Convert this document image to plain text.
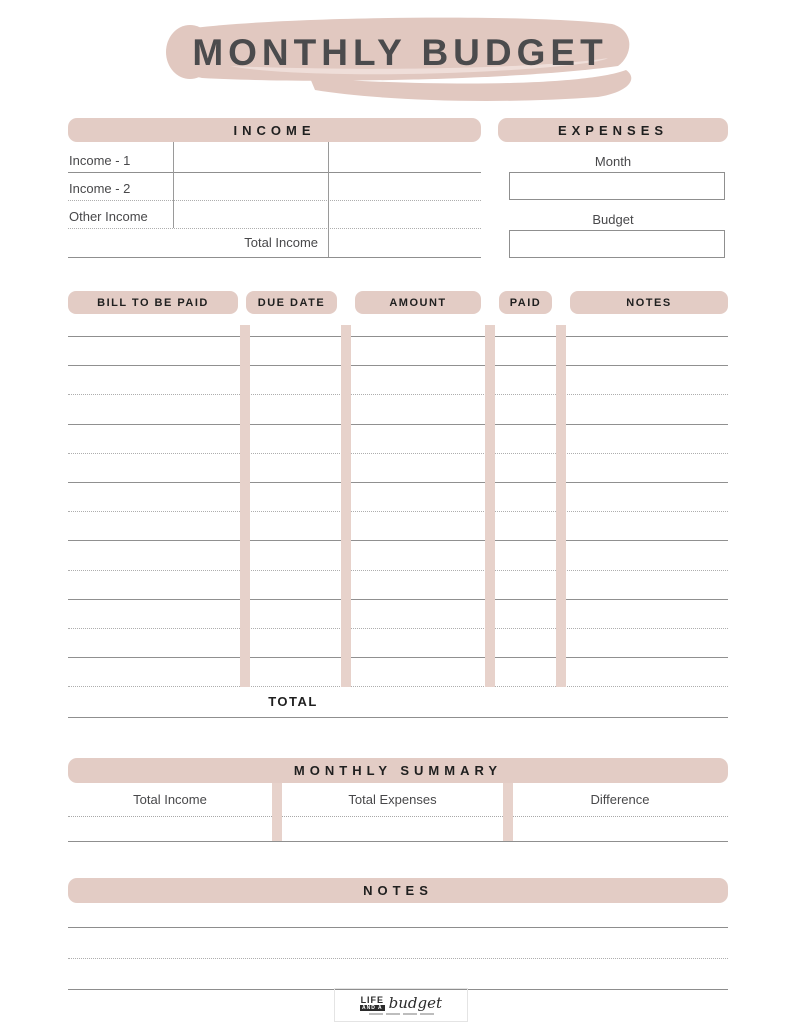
MONTHLY BUDGET
INCOME
Income - 1
Income - 2
Other Income
Total Income
EXPENSES
Month
Budget
BILL TO BE PAID	DUE DATE	AMOUNT	PAID	NOTES
TOTAL
MONTHLY SUMMARY
Total Income	Total Expenses	Difference
NOTES
LIFE
AND A budget
